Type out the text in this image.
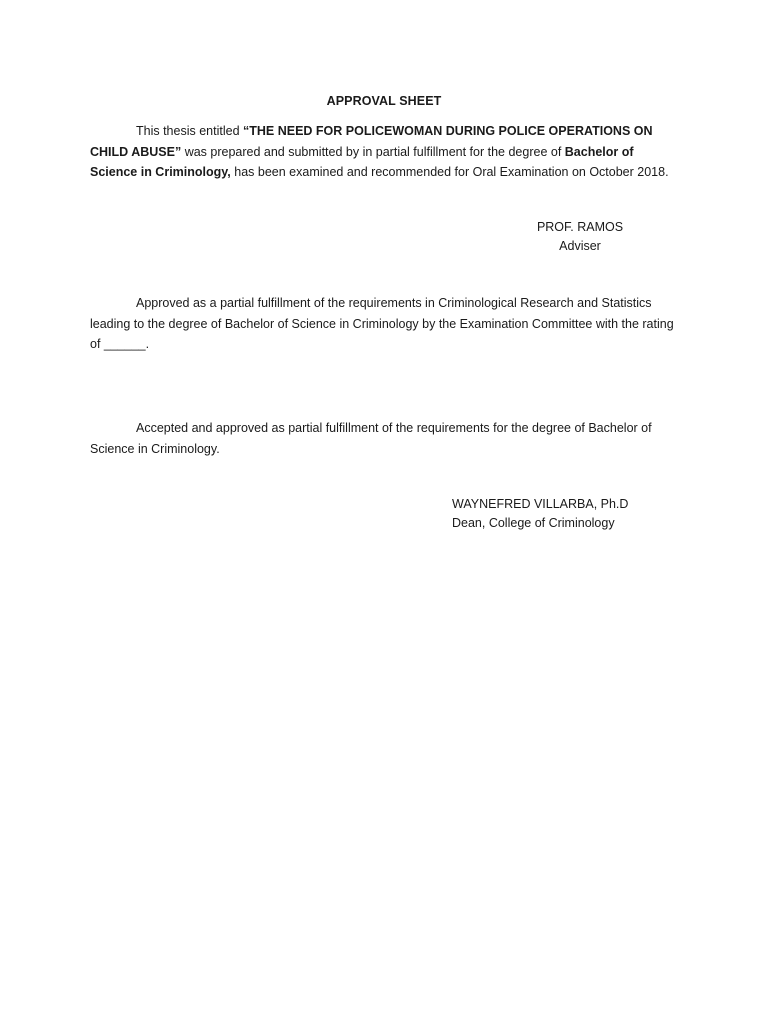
APPROVAL SHEET
This thesis entitled “THE NEED FOR POLICEWOMAN DURING POLICE OPERATIONS ON CHILD ABUSE” was prepared and submitted by in partial fulfillment for the degree of Bachelor of Science in Criminology, has been examined and recommended for Oral Examination on October 2018.
PROF. RAMOS
Adviser
Approved as a partial fulfillment of the requirements in Criminological Research and Statistics leading to the degree of Bachelor of Science in Criminology by the Examination Committee with the rating of ______.
Accepted and approved as partial fulfillment of the requirements for the degree of Bachelor of Science in Criminology.
WAYNEFRED VILLARBA, Ph.D
Dean, College of Criminology
